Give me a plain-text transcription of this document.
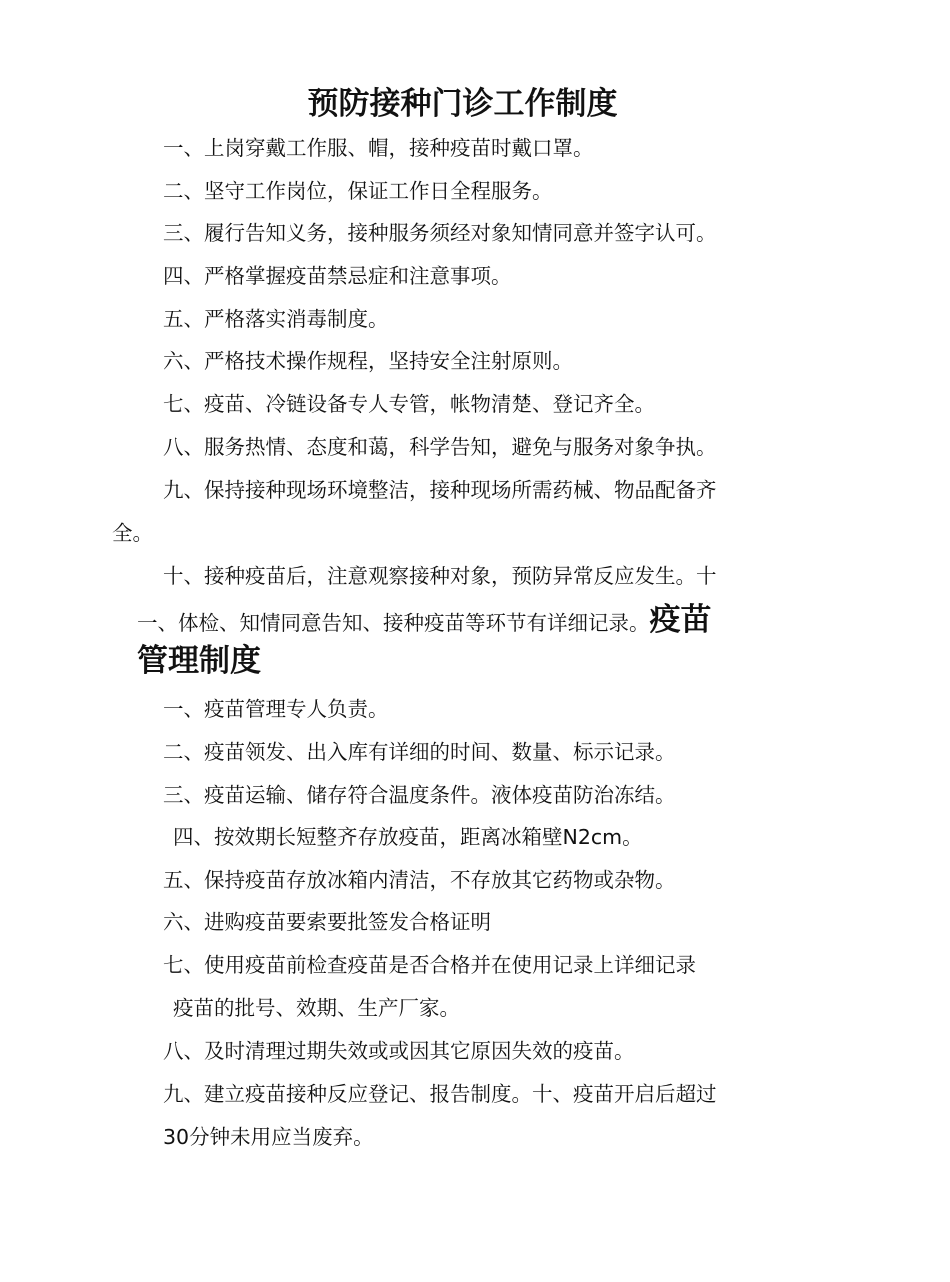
预防接种门诊工作制度
一、上岗穿戴工作服、帽，接种疫苗时戴口罩。
二、坚守工作岗位，保证工作日全程服务。
三、履行告知义务，接种服务须经对象知情同意并签字认可。
四、严格掌握疫苗禁忌症和注意事项。
五、严格落实消毒制度。
六、严格技术操作规程，坚持安全注射原则。
七、疫苗、冷链设备专人专管，帐物清楚、登记齐全。
八、服务热情、态度和蔼，科学告知，避免与服务对象争执。
九、保持接种现场环境整洁，接种现场所需药械、物品配备齐
全。
十、接种疫苗后，注意观察接种对象，预防异常反应发生。十
一、体检、知情同意告知、接种疫苗等环节有详细记录。疫苗
管理制度
一、疫苗管理专人负责。
二、疫苗领发、出入库有详细的时间、数量、标示记录。
三、疫苗运输、储存符合温度条件。液体疫苗防治冻结。
四、按效期长短整齐存放疫苗，距离冰箱壁N2cm。
五、保持疫苗存放冰箱内清洁，不存放其它药物或杂物。
六、进购疫苗要索要批签发合格证明
七、使用疫苗前检查疫苗是否合格并在使用记录上详细记录
疫苗的批号、效期、生产厂家。
八、及时清理过期失效或或因其它原因失效的疫苗。
九、建立疫苗接种反应登记、报告制度。十、疫苗开启后超过
30分钟未用应当废弃。
